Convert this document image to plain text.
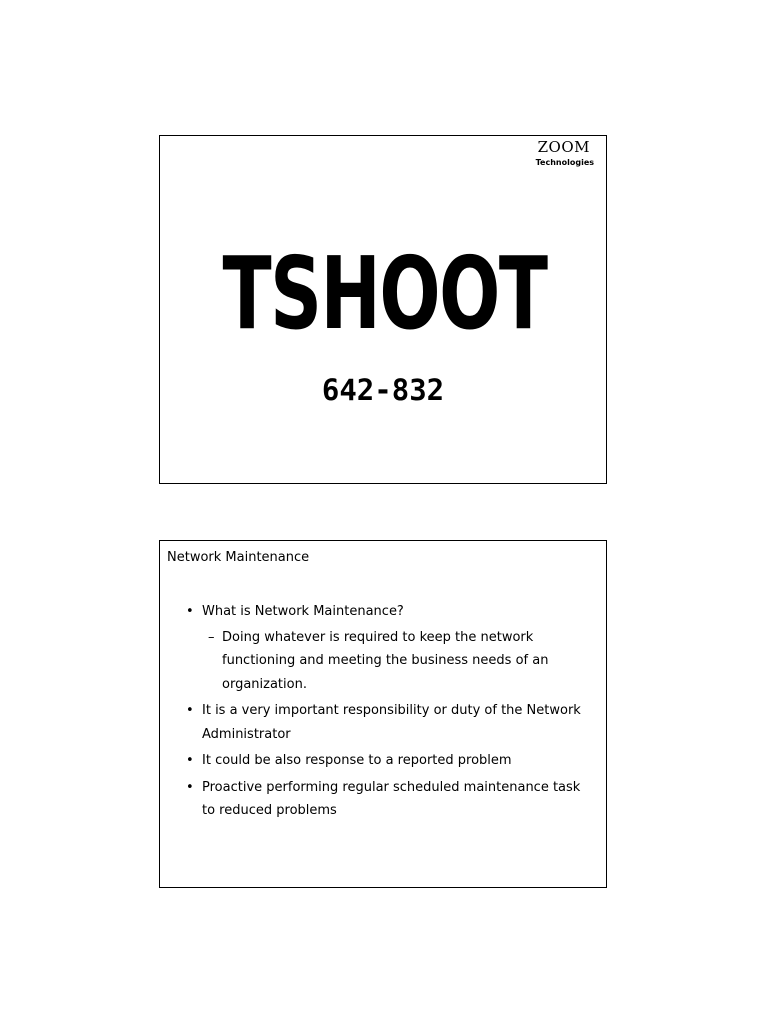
ZOOM
Technologies
TSHOOT
642-832
Network Maintenance
• What is Network Maintenance?
– Doing whatever is required to keep the network functioning and meeting the business needs of an organization.
• It is a very important responsibility or duty of the Network Administrator
• It could be also response to a reported problem
• Proactive performing regular scheduled maintenance task to reduced problems
